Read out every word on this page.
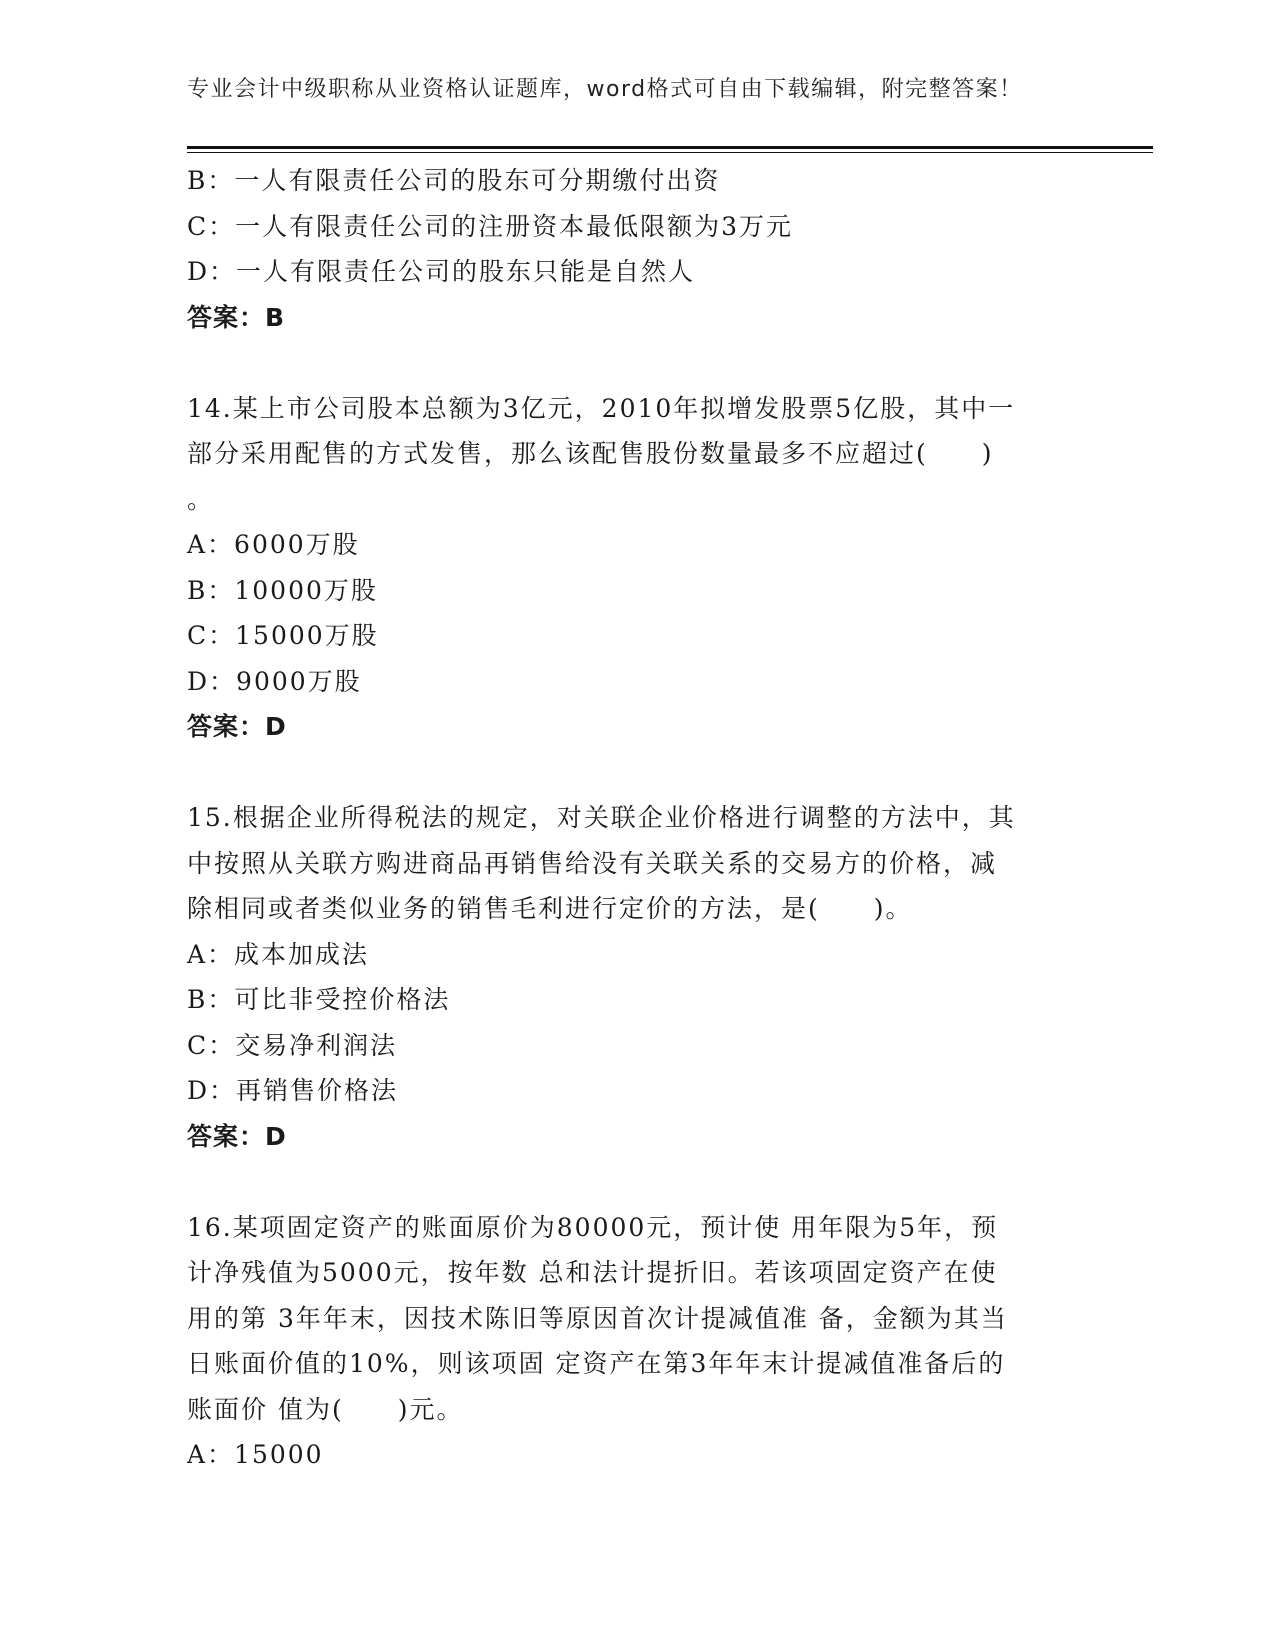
专业会计中级职称从业资格认证题库，word格式可自由下载编辑，附完整答案！
B：一人有限责任公司的股东可分期缴付出资
C：一人有限责任公司的注册资本最低限额为3万元
D：一人有限责任公司的股东只能是自然人
答案：B
14.某上市公司股本总额为3亿元，2010年拟增发股票5亿股，其中一
部分采用配售的方式发售，那么该配售股份数量最多不应超过(　　)
。
A：6000万股
B：10000万股
C：15000万股
D：9000万股
答案：D
15.根据企业所得税法的规定，对关联企业价格进行调整的方法中，其
中按照从关联方购进商品再销售给没有关联关系的交易方的价格，减
除相同或者类似业务的销售毛利进行定价的方法，是(　　)。
A：成本加成法
B：可比非受控价格法
C：交易净利润法
D：再销售价格法
答案：D
16.某项固定资产的账面原价为80000元，预计使 用年限为5年，预
计净残值为5000元，按年数 总和法计提折旧。若该项固定资产在使
用的第 3年年末，因技术陈旧等原因首次计提减值准 备，金额为其当
日账面价值的10%，则该项固 定资产在第3年年末计提减值准备后的
账面价 值为(　　)元。
A：15000
